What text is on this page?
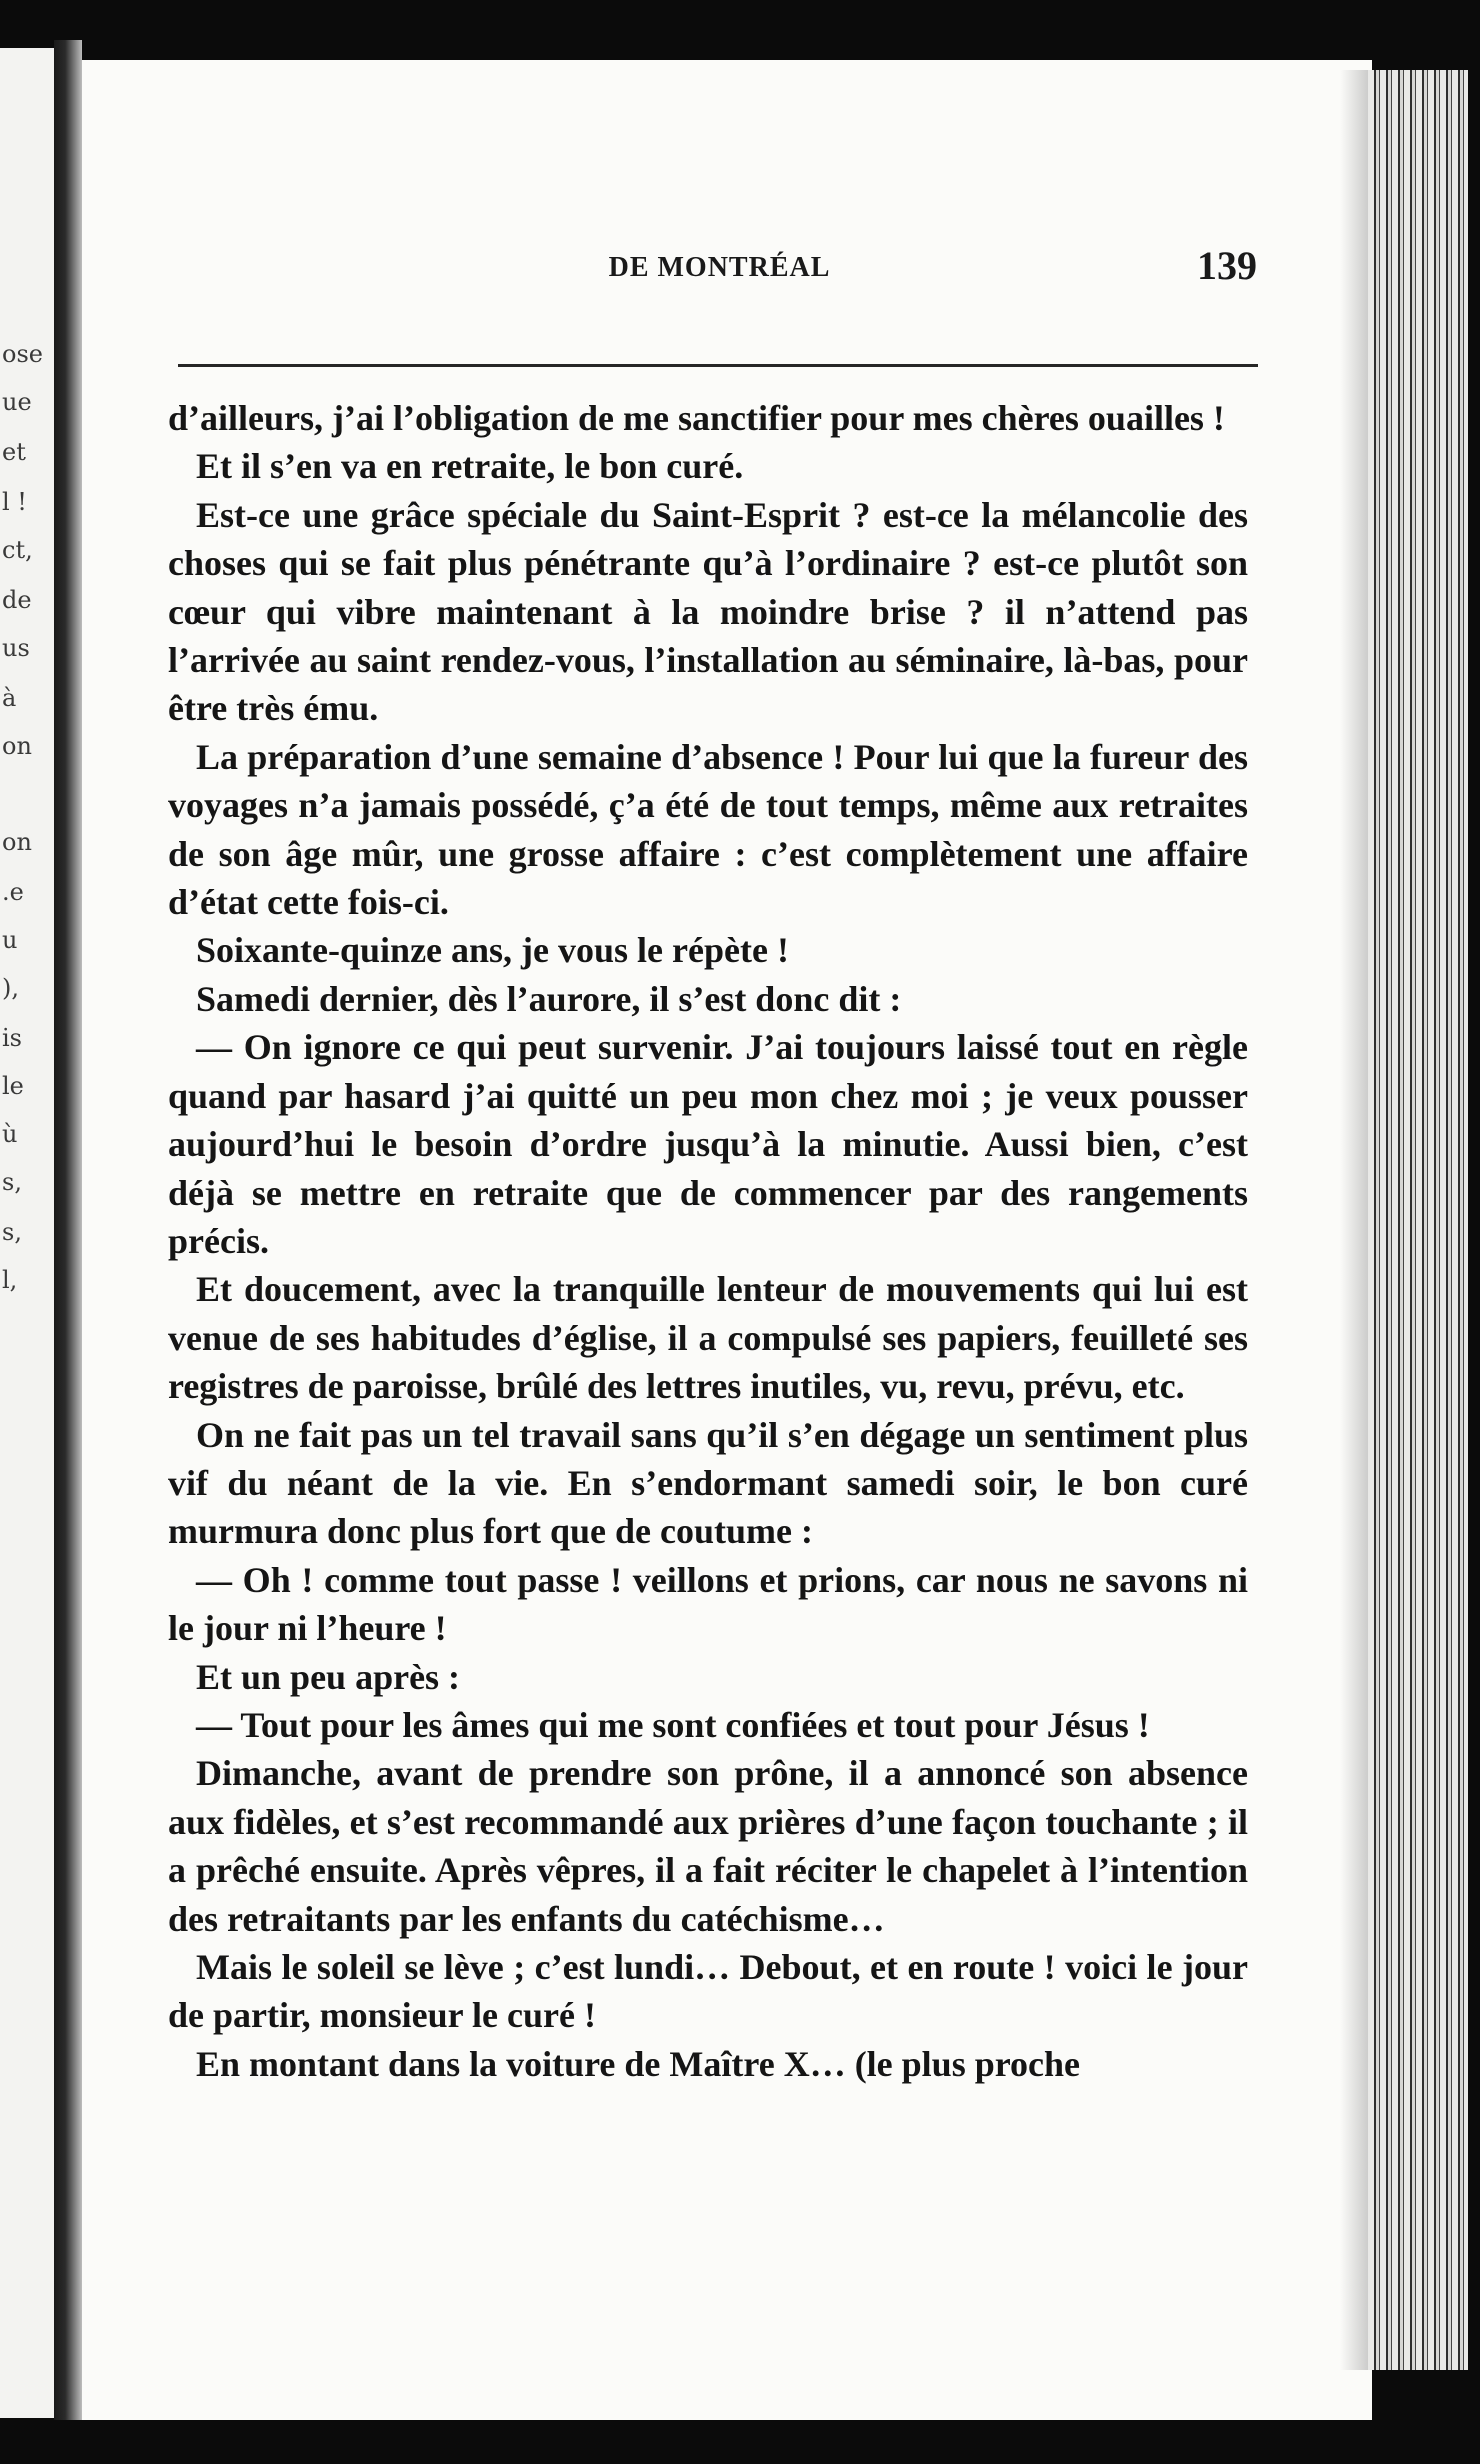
ose
ue
et
l !
ct,
de
us
à
on
on
.e
u
),
is
le
ù
s,
s,
l,
DE MONTRÉAL	139

d’ailleurs, j’ai l’obligation de me sanctifier pour mes chères ouailles !

Et il s’en va en retraite, le bon curé.

Est-ce une grâce spéciale du Saint-Esprit ? est-ce la mélancolie des choses qui se fait plus pénétrante qu’à l’ordinaire ? est-ce plutôt son cœur qui vibre maintenant à la moindre brise ? il n’attend pas l’arrivée au saint rendez-vous, l’installation au séminaire, là-bas, pour être très ému.

La préparation d’une semaine d’absence ! Pour lui que la fureur des voyages n’a jamais possédé, ç’a été de tout temps, même aux retraites de son âge mûr, une grosse affaire : c’est complètement une affaire d’état cette fois-ci.

Soixante-quinze ans, je vous le répète !

Samedi dernier, dès l’aurore, il s’est donc dit :

— On ignore ce qui peut survenir. J’ai toujours laissé tout en règle quand par hasard j’ai quitté un peu mon chez moi ; je veux pousser aujourd’hui le besoin d’ordre jusqu’à la minutie. Aussi bien, c’est déjà se mettre en retraite que de commencer par des rangements précis.

Et doucement, avec la tranquille lenteur de mouvements qui lui est venue de ses habitudes d’église, il a compulsé ses papiers, feuilleté ses registres de paroisse, brûlé des lettres inutiles, vu, revu, prévu, etc.

On ne fait pas un tel travail sans qu’il s’en dégage un sentiment plus vif du néant de la vie. En s’endormant samedi soir, le bon curé murmura donc plus fort que de coutume :

— Oh ! comme tout passe ! veillons et prions, car nous ne savons ni le jour ni l’heure !

Et un peu après :

— Tout pour les âmes qui me sont confiées et tout pour Jésus !

Dimanche, avant de prendre son prône, il a annoncé son absence aux fidèles, et s’est recommandé aux prières d’une façon touchante ; il a prêché ensuite. Après vêpres, il a fait réciter le chapelet à l’intention des retraitants par les enfants du catéchisme…

Mais le soleil se lève ; c’est lundi… Debout, et en route ! voici le jour de partir, monsieur le curé !

En montant dans la voiture de Maître X… (le plus proche
